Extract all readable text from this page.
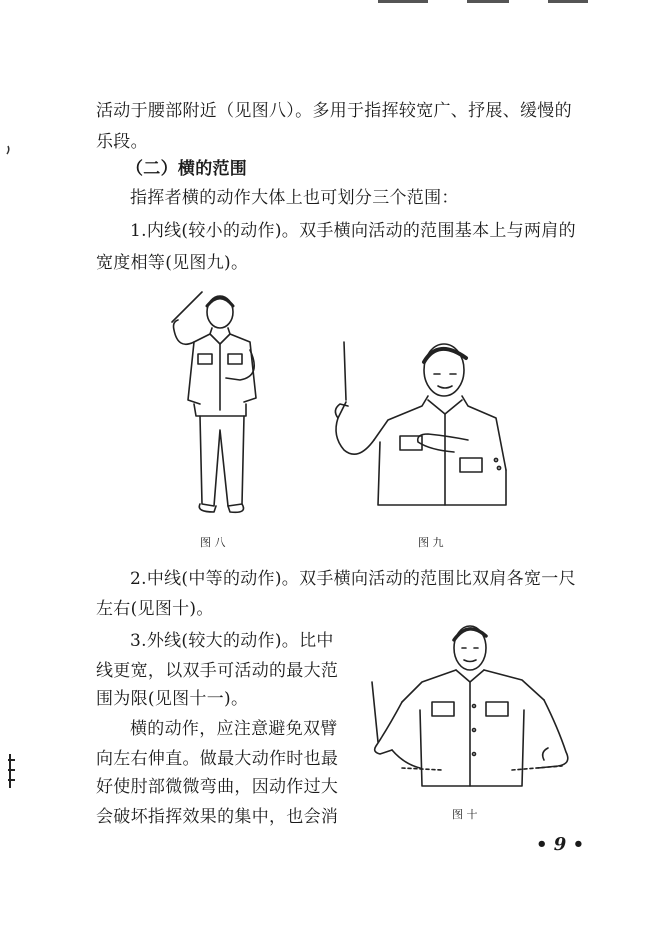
活动于腰部附近（见图八）。多用于指挥较宽广、抒展、缓慢的
乐段。
（二）横的范围
指挥者横的动作大体上也可划分三个范围：
1.内线(较小的动作)。双手横向活动的范围基本上与两肩的
宽度相等(见图九)。
图 八	图 九
2.中线(中等的动作)。双手横向活动的范围比双肩各宽一尺
左右(见图十)。
3.外线(较大的动作)。比中
线更宽，以双手可活动的最大范
围为限(见图十一)。
横的动作，应注意避免双臂
向左右伸直。做最大动作时也最
好使肘部微微弯曲，因动作过大
会破坏指挥效果的集中，也会消	图 十
• 9 •
